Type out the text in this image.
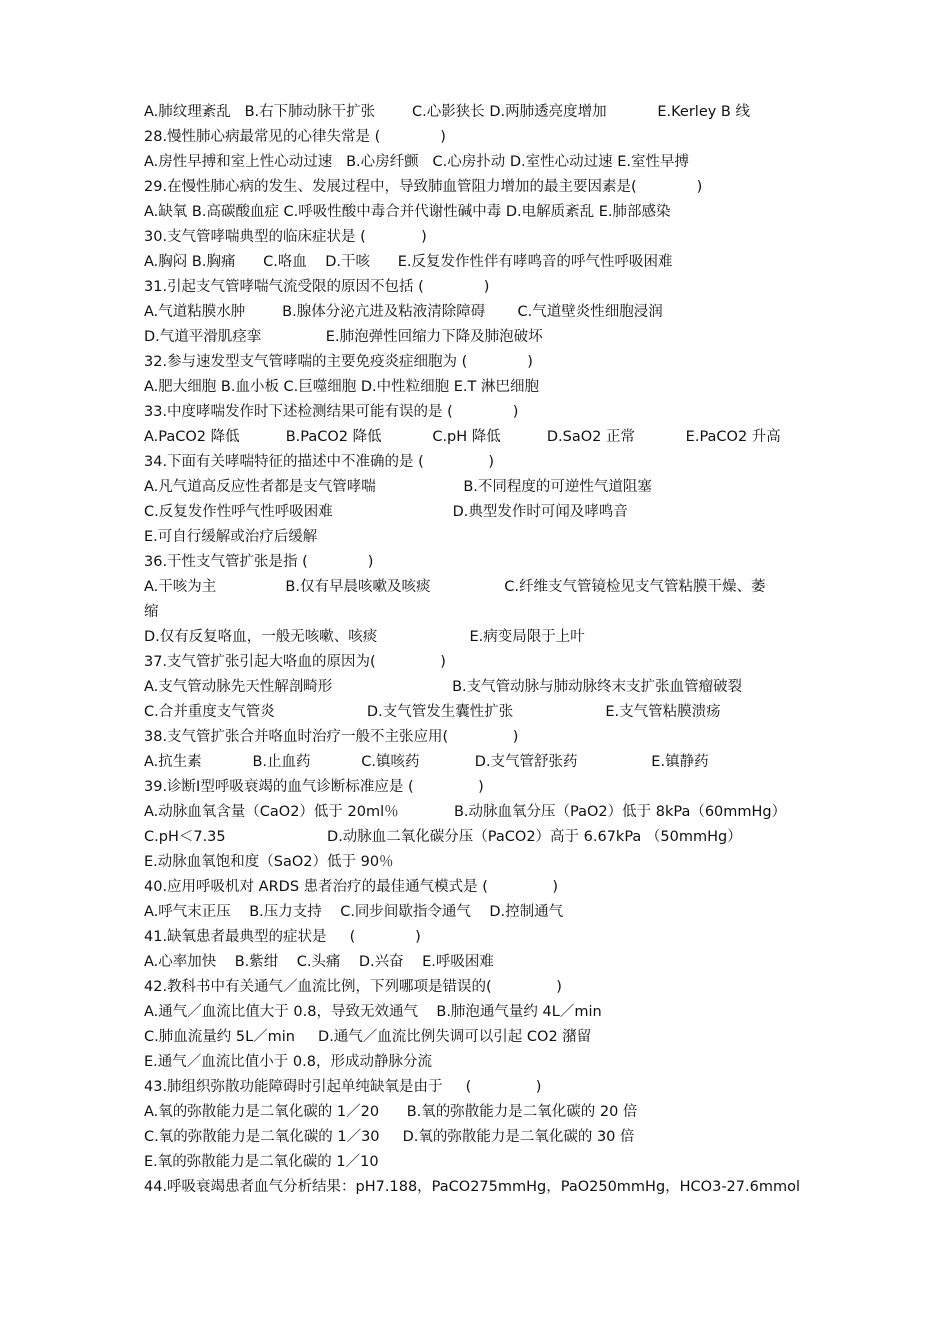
A.肺纹理紊乱   B.右下肺动脉干扩张        C.心影狭长 D.两肺透亮度增加           E.Kerley B 线
28.慢性肺心病最常见的心律失常是 (             )
A.房性早搏和室上性心动过速   B.心房纤颤   C.心房扑动 D.室性心动过速 E.室性早搏
29.在慢性肺心病的发生、发展过程中，导致肺血管阻力增加的最主要因素是(             )
A.缺氧 B.高碳酸血症 C.呼吸性酸中毒合并代谢性碱中毒 D.电解质紊乱 E.肺部感染
30.支气管哮喘典型的临床症状是 (            )
A.胸闷 B.胸痛      C.咯血    D.干咳      E.反复发作性伴有哮鸣音的呼气性呼吸困难
31.引起支气管哮喘气流受限的原因不包括 (             )
A.气道粘膜水肿        B.腺体分泌亢进及粘液清除障碍       C.气道壁炎性细胞浸润
D.气道平滑肌痉挛              E.肺泡弹性回缩力下降及肺泡破坏
32.参与速发型支气管哮喘的主要免疫炎症细胞为 (             )
A.肥大细胞 B.血小板 C.巨噬细胞 D.中性粒细胞 E.T 淋巴细胞
33.中度哮喘发作时下述检测结果可能有误的是 (             )
A.PaCO2 降低          B.PaCO2 降低           C.pH 降低          D.SaO2 正常           E.PaCO2 升高
34.下面有关哮喘特征的描述中不准确的是 (              )
A.凡气道高反应性者都是支气管哮喘                   B.不同程度的可逆性气道阻塞
C.反复发作性呼气性呼吸困难                          D.典型发作时可闻及哮鸣音
E.可自行缓解或治疗后缓解
36.干性支气管扩张是指 (             )
A.干咳为主               B.仅有早晨咳嗽及咳痰                C.纤维支气管镜检见支气管粘膜干燥、萎
缩
D.仅有反复咯血，一般无咳嗽、咳痰                    E.病变局限于上叶
37.支气管扩张引起大咯血的原因为(              )
A.支气管动脉先天性解剖畸形                          B.支气管动脉与肺动脉终末支扩张血管瘤破裂
C.合并重度支气管炎                    D.支气管发生囊性扩张                    E.支气管粘膜溃疡
38.支气管扩张合并咯血时治疗一般不主张应用(              )
A.抗生素           B.止血药           C.镇咳药            D.支气管舒张药                E.镇静药
39.诊断Ⅰ型呼吸衰竭的血气诊断标准应是 (              )
A.动脉血氧含量（CaO2）低于 20ml％            B.动脉血氧分压（PaO2）低于 8kPa（60mmHg）
C.pH＜7.35                      D.动脉血二氧化碳分压（PaCO2）高于 6.67kPa （50mmHg）
E.动脉血氧饱和度（SaO2）低于 90％
40.应用呼吸机对 ARDS 患者治疗的最佳通气模式是 (              )
A.呼气末正压    B.压力支持    C.同步间歇指令通气    D.控制通气
41.缺氧患者最典型的症状是     (             )
A.心率加快    B.紫绀    C.头痛    D.兴奋    E.呼吸困难
42.教科书中有关通气／血流比例，下列哪项是错误的(              )
A.通气／血流比值大于 0.8，导致无效通气    B.肺泡通气量约 4L／min
C.肺血流量约 5L／min     D.通气／血流比例失调可以引起 CO2 潴留
E.通气／血流比值小于 0.8，形成动静脉分流
43.肺组织弥散功能障碍时引起单纯缺氧是由于     (              )
A.氧的弥散能力是二氧化碳的 1／20      B.氧的弥散能力是二氧化碳的 20 倍
C.氧的弥散能力是二氧化碳的 1／30     D.氧的弥散能力是二氧化碳的 30 倍
E.氧的弥散能力是二氧化碳的 1／10
44.呼吸衰竭患者血气分析结果：pH7.188，PaCO275mmHg，PaO250mmHg，HCO3-27.6mmol
